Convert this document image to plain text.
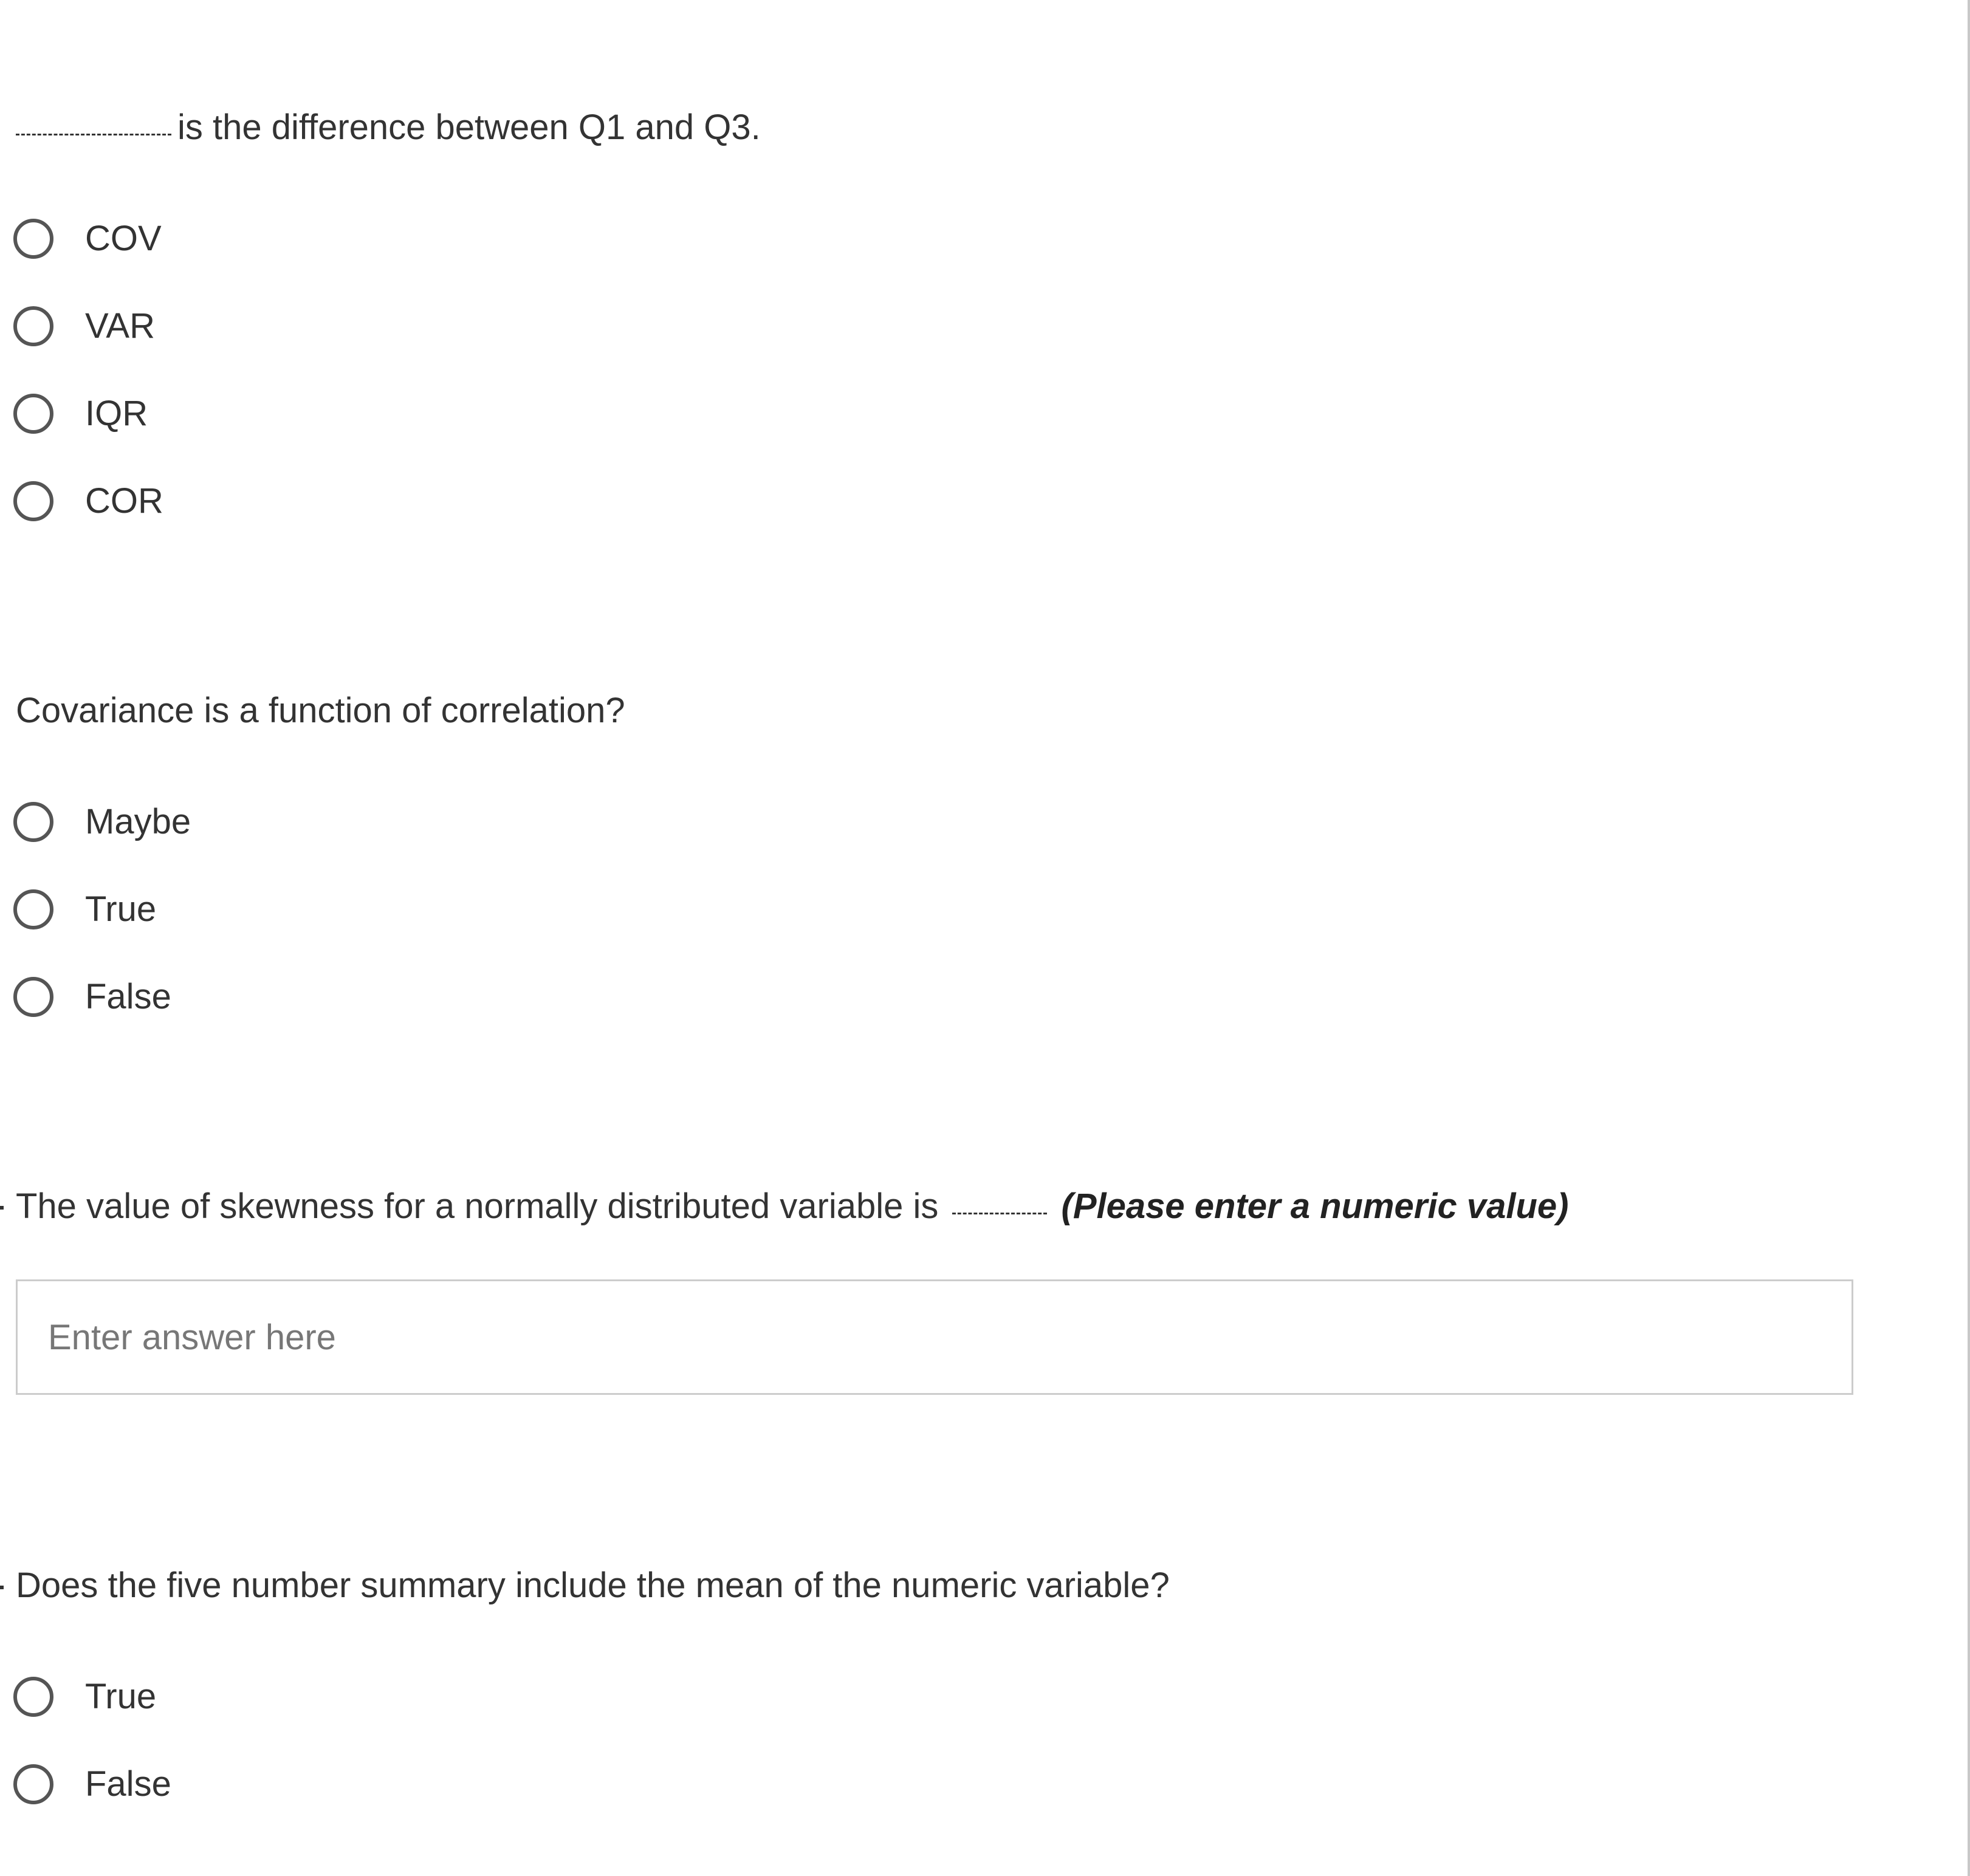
is the difference between Q1 and Q3.
COV
VAR
IQR
COR
Covariance is a function of correlation?
Maybe
True
False
The value of skewness for a normally distributed variable is	(Please enter a numeric value)
Enter answer here
Does the five number summary include the mean of the numeric variable?
True
False
